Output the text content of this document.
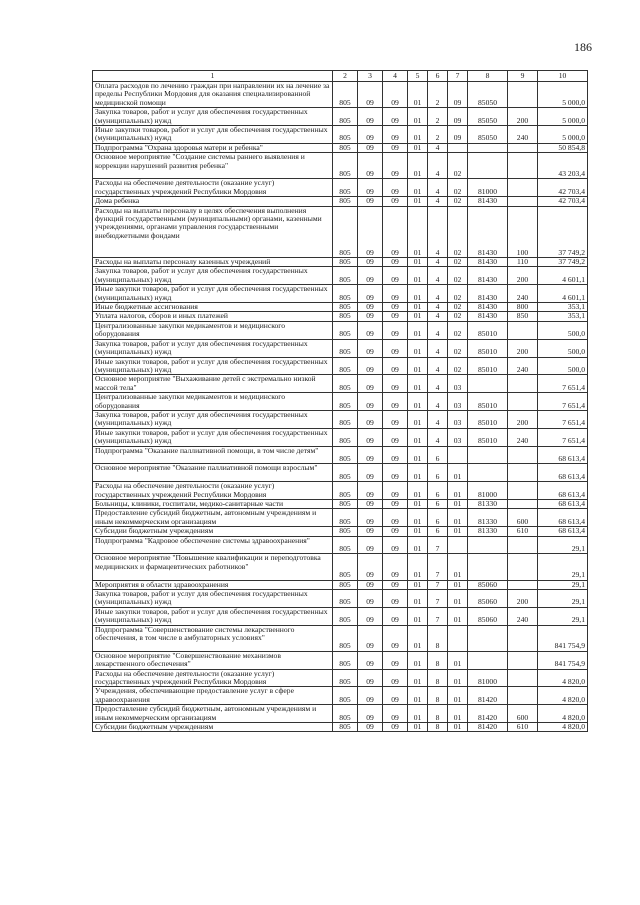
186
1	2	3	4	5	6	7	8	9	10
Оплата расходов по лечению граждан при направлении их на лечение за пределы Республики Мордовия для оказания специализированной медицинской помощи	805	09	09	01	2	09	85050		5 000,0
Закупка товаров, работ и услуг для обеспечения государственных (муниципальных) нужд	805	09	09	01	2	09	85050	200	5 000,0
Иные закупки товаров, работ и услуг для обеспечения государственных (муниципальных) нужд	805	09	09	01	2	09	85050	240	5 000,0
Подпрограмма "Охрана здоровья матери и ребенка"	805	09	09	01	4				50 854,8
Основное мероприятие "Создание системы раннего выявления и коррекции нарушений развития ребенка"	805	09	09	01	4	02			43 203,4
Расходы на обеспечение деятельности (оказание услуг) государственных учреждений Республики Мордовия	805	09	09	01	4	02	81000		42 703,4
Дома ребенка	805	09	09	01	4	02	81430		42 703,4
Расходы на выплаты персоналу в целях обеспечения выполнения функций государственными (муниципальными) органами, казенными учреждениями, органами управления государственными внебюджетными фондами	805	09	09	01	4	02	81430	100	37 749,2
Расходы на выплаты персоналу казенных учреждений	805	09	09	01	4	02	81430	110	37 749,2
Закупка товаров, работ и услуг для обеспечения государственных (муниципальных) нужд	805	09	09	01	4	02	81430	200	4 601,1
Иные закупки товаров, работ и услуг для обеспечения государственных (муниципальных) нужд	805	09	09	01	4	02	81430	240	4 601,1
Иные бюджетные ассигнования	805	09	09	01	4	02	81430	800	353,1
Уплата налогов, сборов и иных платежей	805	09	09	01	4	02	81430	850	353,1
Централизованные закупки медикаментов и медицинского оборудования	805	09	09	01	4	02	85010		500,0
Закупка товаров, работ и услуг для обеспечения государственных (муниципальных) нужд	805	09	09	01	4	02	85010	200	500,0
Иные закупки товаров, работ и услуг для обеспечения государственных (муниципальных) нужд	805	09	09	01	4	02	85010	240	500,0
Основное мероприятие "Выхаживание детей с экстремально низкой массой тела"	805	09	09	01	4	03			7 651,4
Централизованные закупки медикаментов и медицинского оборудования	805	09	09	01	4	03	85010		7 651,4
Закупка товаров, работ и услуг для обеспечения государственных (муниципальных) нужд	805	09	09	01	4	03	85010	200	7 651,4
Иные закупки товаров, работ и услуг для обеспечения государственных (муниципальных) нужд	805	09	09	01	4	03	85010	240	7 651,4
Подпрограмма "Оказание паллиативной помощи, в том числе детям"	805	09	09	01	6				68 613,4
Основное мероприятие "Оказание паллиативной помощи взрослым"	805	09	09	01	6	01			68 613,4
Расходы на обеспечение деятельности (оказание услуг) государственных учреждений Республики Мордовия	805	09	09	01	6	01	81000		68 613,4
Больницы, клиники, госпитали, медико-санитарные части	805	09	09	01	6	01	81330		68 613,4
Предоставление субсидий бюджетным, автономным учреждениям и иным некоммерческим организациям	805	09	09	01	6	01	81330	600	68 613,4
Субсидии бюджетным учреждениям	805	09	09	01	6	01	81330	610	68 613,4
Подпрограмма "Кадровое обеспечение системы здравоохранения"	805	09	09	01	7				29,1
Основное мероприятие "Повышение квалификации и переподготовка медицинских и фармацевтических работников"	805	09	09	01	7	01			29,1
Мероприятия в области здравоохранения	805	09	09	01	7	01	85060		29,1
Закупка товаров, работ и услуг для обеспечения государственных (муниципальных) нужд	805	09	09	01	7	01	85060	200	29,1
Иные закупки товаров, работ и услуг для обеспечения государственных (муниципальных) нужд	805	09	09	01	7	01	85060	240	29,1
Подпрограмма "Совершенствование системы лекарственного обеспечения, в том числе в амбулаторных условиях"	805	09	09	01	8				841 754,9
Основное мероприятие "Совершенствование механизмов лекарственного обеспечения"	805	09	09	01	8	01			841 754,9
Расходы на обеспечение деятельности (оказание услуг) государственных учреждений Республики Мордовия	805	09	09	01	8	01	81000		4 820,0
Учреждения, обеспечивающие предоставление услуг в сфере здравоохранения	805	09	09	01	8	01	81420		4 820,0
Предоставление субсидий бюджетным, автономным учреждениям и иным некоммерческим организациям	805	09	09	01	8	01	81420	600	4 820,0
Субсидии бюджетным учреждениям	805	09	09	01	8	01	81420	610	4 820,0
